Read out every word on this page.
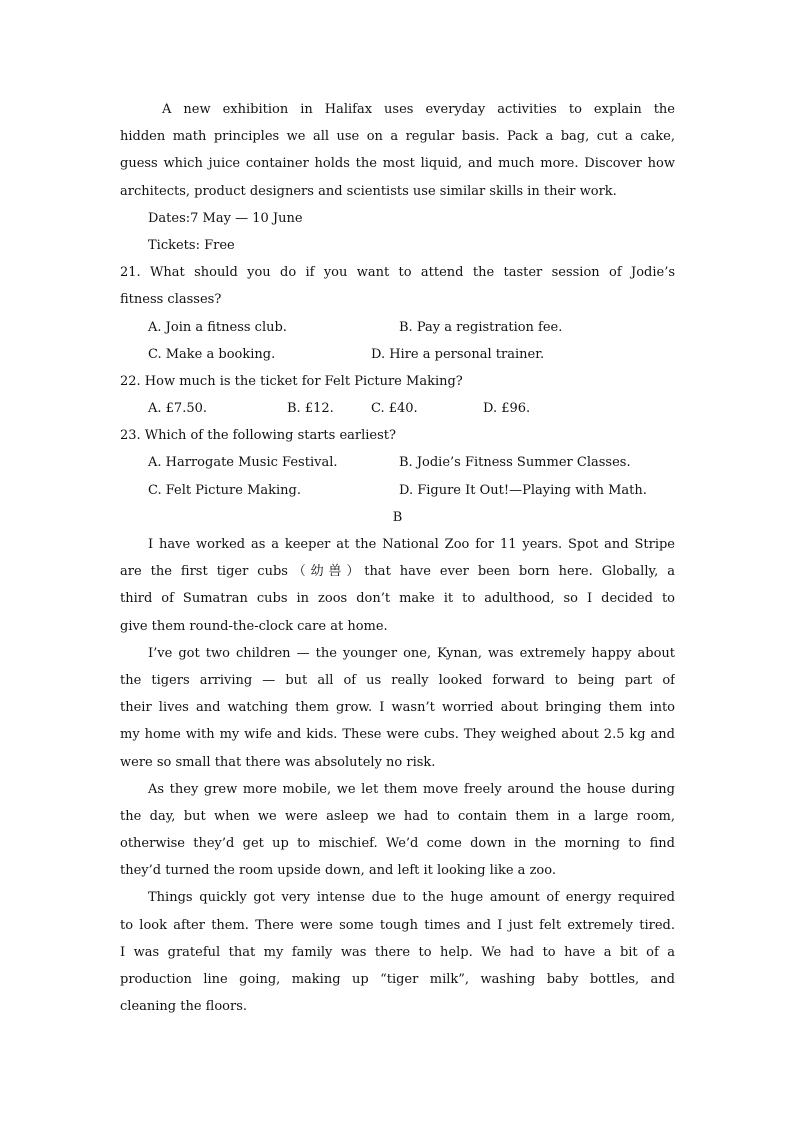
A new exhibition in Halifax uses everyday activities to explain the
hidden math principles we all use on a regular basis. Pack a bag, cut a cake,
guess which juice container holds the most liquid, and much more. Discover how
architects, product designers and scientists use similar skills in their work.
Dates:7 May — 10 June
Tickets: Free
21. What should you do if you want to attend the taster session of Jodie’s
fitness classes?
A. Join a fitness club.	B. Pay a registration fee.
C. Make a booking.	D. Hire a personal trainer.
22. How much is the ticket for Felt Picture Making?
A. £7.50.	B. £12.	C. £40.	D. £96.
23. Which of the following starts earliest?
A. Harrogate Music Festival.	B. Jodie’s Fitness Summer Classes.
C. Felt Picture Making.	D. Figure It Out!—Playing with Math.
B
I have worked as a keeper at the National Zoo for 11 years. Spot and Stripe
are the first tiger cubs（幼兽）that have ever been born here. Globally, a
third of Sumatran cubs in zoos don’t make it to adulthood, so I decided to
give them round-the-clock care at home.
I’ve got two children — the younger one, Kynan, was extremely happy about
the tigers arriving — but all of us really looked forward to being part of
their lives and watching them grow. I wasn’t worried about bringing them into
my home with my wife and kids. These were cubs. They weighed about 2.5 kg and
were so small that there was absolutely no risk.
As they grew more mobile, we let them move freely around the house during
the day, but when we were asleep we had to contain them in a large room,
otherwise they’d get up to mischief. We’d come down in the morning to find
they’d turned the room upside down, and left it looking like a zoo.
Things quickly got very intense due to the huge amount of energy required
to look after them. There were some tough times and I just felt extremely tired.
I was grateful that my family was there to help. We had to have a bit of a
production line going, making up “tiger milk”, washing baby bottles, and
cleaning the floors.
